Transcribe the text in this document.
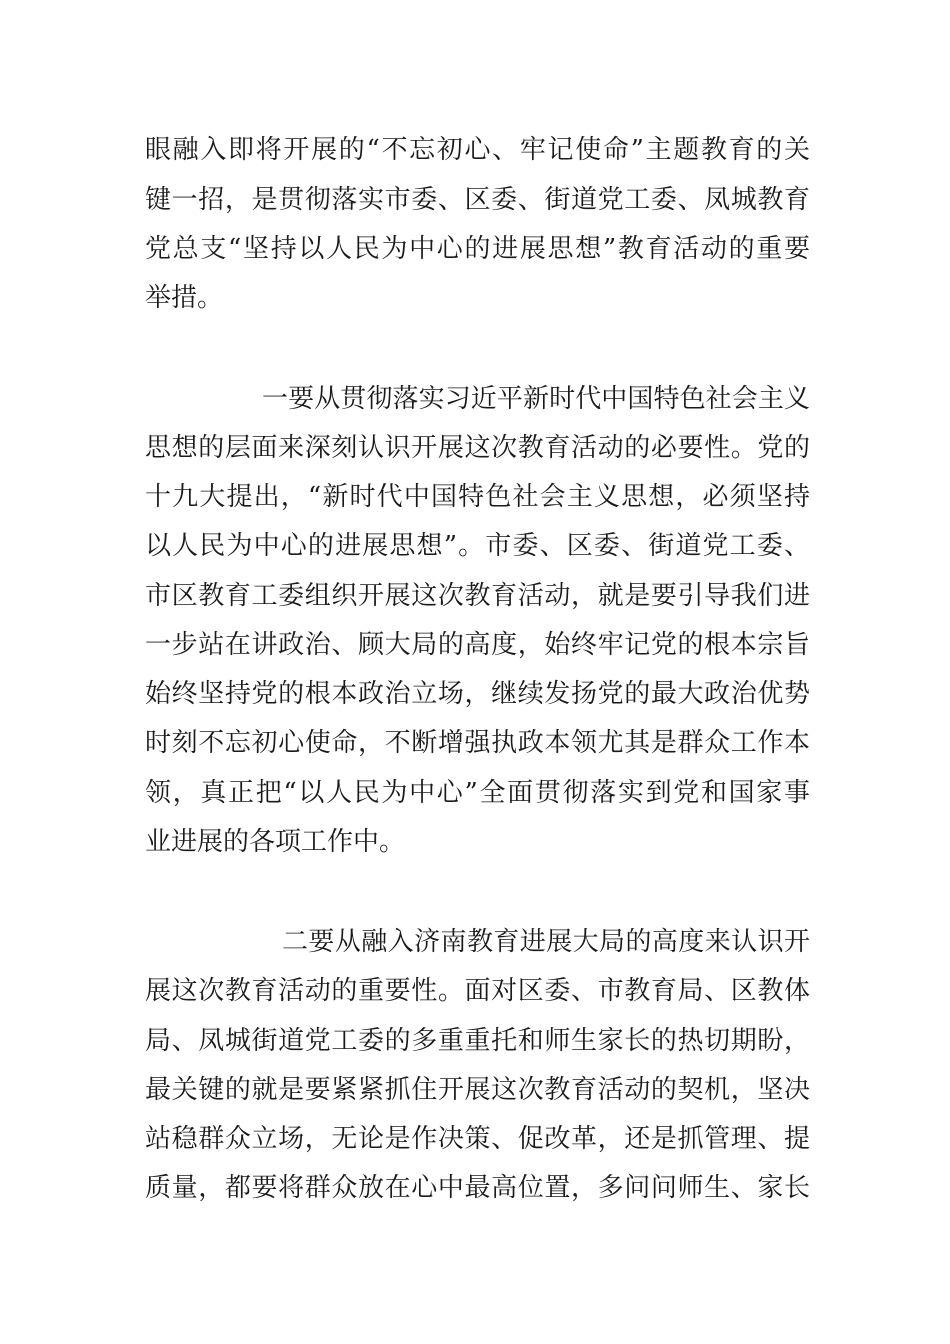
眼融入即将开展的“不忘初心、牢记使命”主题教育的关
键一招，是贯彻落实市委、区委、街道党工委、凤城教育
党总支“坚持以人民为中心的进展思想”教育活动的重要
举措。
一要从贯彻落实习近平新时代中国特色社会主义
思想的层面来深刻认识开展这次教育活动的必要性。党的
十九大提出，“新时代中国特色社会主义思想，必须坚持
以人民为中心的进展思想”。市委、区委、街道党工委、
市区教育工委组织开展这次教育活动，就是要引导我们进
一步站在讲政治、顾大局的高度，始终牢记党的根本宗旨
始终坚持党的根本政治立场，继续发扬党的最大政治优势
时刻不忘初心使命，不断增强执政本领尤其是群众工作本
领，真正把“以人民为中心”全面贯彻落实到党和国家事
业进展的各项工作中。
二要从融入济南教育进展大局的高度来认识开
展这次教育活动的重要性。面对区委、市教育局、区教体
局、凤城街道党工委的多重重托和师生家长的热切期盼，
最关键的就是要紧紧抓住开展这次教育活动的契机，坚决
站稳群众立场，无论是作决策、促改革，还是抓管理、提
质量，都要将群众放在心中最高位置，多问问师生、家长
